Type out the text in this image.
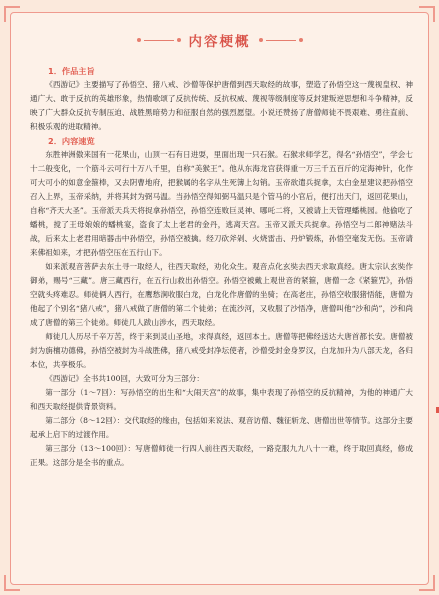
内容梗概
1．作品主旨

《西游记》主要描写了孙悟空、猪八戒、沙僧等保护唐僧到西天取经的故事，塑造了孙悟空这一蔑视皇权、神通广大、敢于反抗的英雄形象，热情歌颂了反抗传统、反抗权威、蔑视等级制度等反封建叛逆思想和斗争精神，反映了广大群众反抗专制压迫、战胜黑暗势力和征服自然的强烈愿望。小说还赞扬了唐僧师徒不畏艰难、勇往直前、积极乐观的进取精神。

2．内容速览

东胜神洲傲来国有一花果山，山顶一石有日进耍，里面出现一只石猴。石猴求师学艺，得名“孙悟空”，学会七十二般变化，一个筋斗云可行十万八千里，自称“美猴王”。他从东海龙宫获得重一万三千五百斤的定海神针，化作可大可小的如意金箍棒，又去阴曹地府，把猴属的名字从生死簿上勾销。玉帝欲遣兵捉拿，太白金星建议把孙悟空召入上界，玉帝采纳，并将其封为弼马温。当孙悟空得知弼马温只是个管马的小官后，便打出天门，返回花果山，自称“齐天大圣”。玉帝派天兵天将捉拿孙悟空，孙悟空连败巨灵神、哪吒二将，又被请上天管理蟠桃园。他偷吃了蟠桃，搅了王母娘娘的蟠桃宴，盗食了太上老君的金丹，逃离天宫。玉帝又派天兵捉拿。孙悟空与二郎神赌法斗战，后来太上老君用暗器击中孙悟空，孙悟空被擒。经刀砍斧剁、火烧雷击、丹炉锻炼，孙悟空毫发无伤。玉帝请来佛祖如来，才把孙悟空压在五行山下。

如来派观音菩萨去东土寻一取经人，往西天取经，劝化众生。观音点化玄奘去西天求取真经。唐太宗认玄奘作御弟，赐号“三藏”。唐三藏西行，在五行山救出孙悟空。孙悟空被戴上观世音的紧箍，唐僧一念《紧箍咒》，孙悟空就头疼难忍。师徒俩人西行，在鹰愁涧收服白龙，白龙化作唐僧的坐骑；在高老庄，孙悟空收服猪悟能，唐僧为他起了个别名“猪八戒”，猪八戒做了唐僧的第二个徒弟；在流沙河，又收服了沙悟净，唐僧叫他“沙和尚”，沙和尚成了唐僧的第三个徒弟。师徒几人跋山涉水，西天取经。

师徒几人历尽千辛万苦，终于来到灵山圣地，求得真经，返回本土。唐僧等把佛经送达大唐首都长安。唐僧被封为旃檀功德佛，孙悟空被封为斗战胜佛，猪八戒受封净坛使者，沙僧受封金身罗汉，白龙加升为八部天龙，各归本位，共享极乐。

《西游记》全书共100回，大致可分为三部分：

第一部分（1～7回）：写孙悟空的出生和“大闹天宫”的故事，集中表现了孙悟空的反抗精神，为他的神通广大和西天取经提供背景资料。

第二部分（8～12回）：交代取经的缘由，包括如来说法、观音访僧、魏征斩龙、唐僧出世等情节。这部分主要起承上启下的过渡作用。

第三部分（13～100回）：写唐僧师徒一行四人前往西天取经，一路克服九九八十一难，终于取回真经，修成正果。这部分是全书的重点。
